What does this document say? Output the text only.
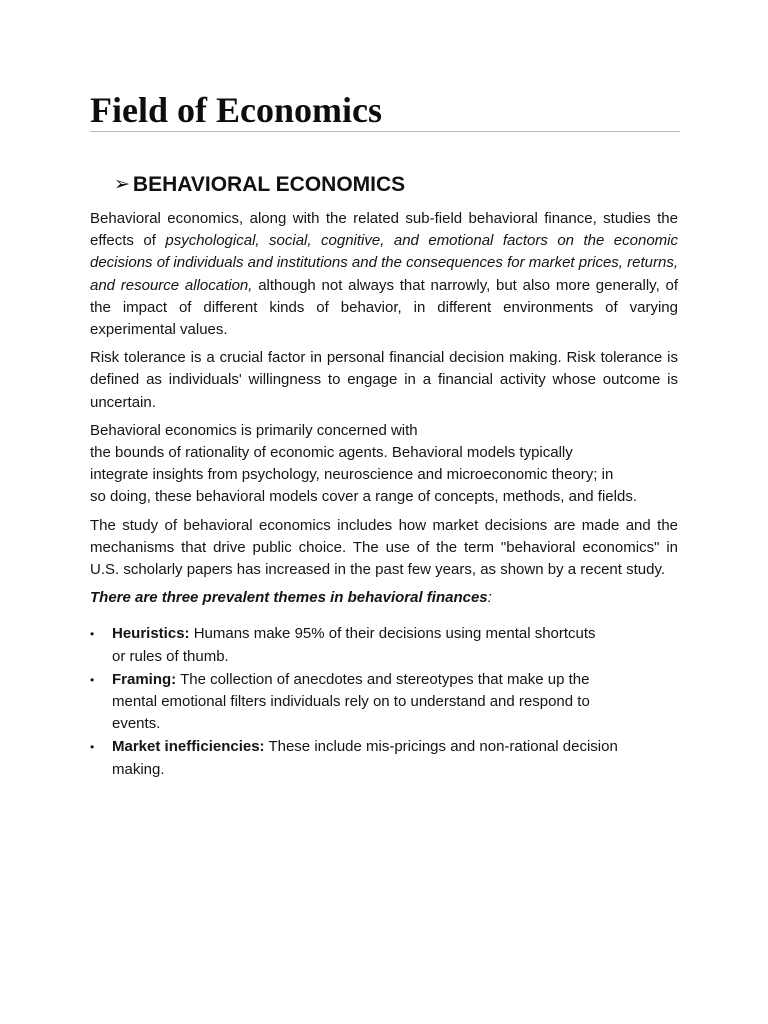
Field of Economics
➢ BEHAVIORAL ECONOMICS

Behavioral economics, along with the related sub-field behavioral finance, studies the effects of psychological, social, cognitive, and emotional factors on the economic decisions of individuals and institutions and the consequences for market prices, returns, and resource allocation, although not always that narrowly, but also more generally, of the impact of different kinds of behavior, in different environments of varying experimental values.

Risk tolerance is a crucial factor in personal financial decision making. Risk tolerance is defined as individuals' willingness to engage in a financial activity whose outcome is uncertain.

Behavioral economics is primarily concerned with
the bounds of rationality of economic agents. Behavioral models typically
integrate insights from psychology, neuroscience and microeconomic theory; in
so doing, these behavioral models cover a range of concepts, methods, and fields.

The study of behavioral economics includes how market decisions are made and the mechanisms that drive public choice. The use of the term "behavioral economics" in U.S. scholarly papers has increased in the past few years, as shown by a recent study.

There are three prevalent themes in behavioral finances:

• Heuristics: Humans make 95% of their decisions using mental shortcuts
or rules of thumb.
• Framing: The collection of anecdotes and stereotypes that make up the
mental emotional filters individuals rely on to understand and respond to
events.
• Market inefficiencies: These include mis-pricings and non-rational decision
making.
